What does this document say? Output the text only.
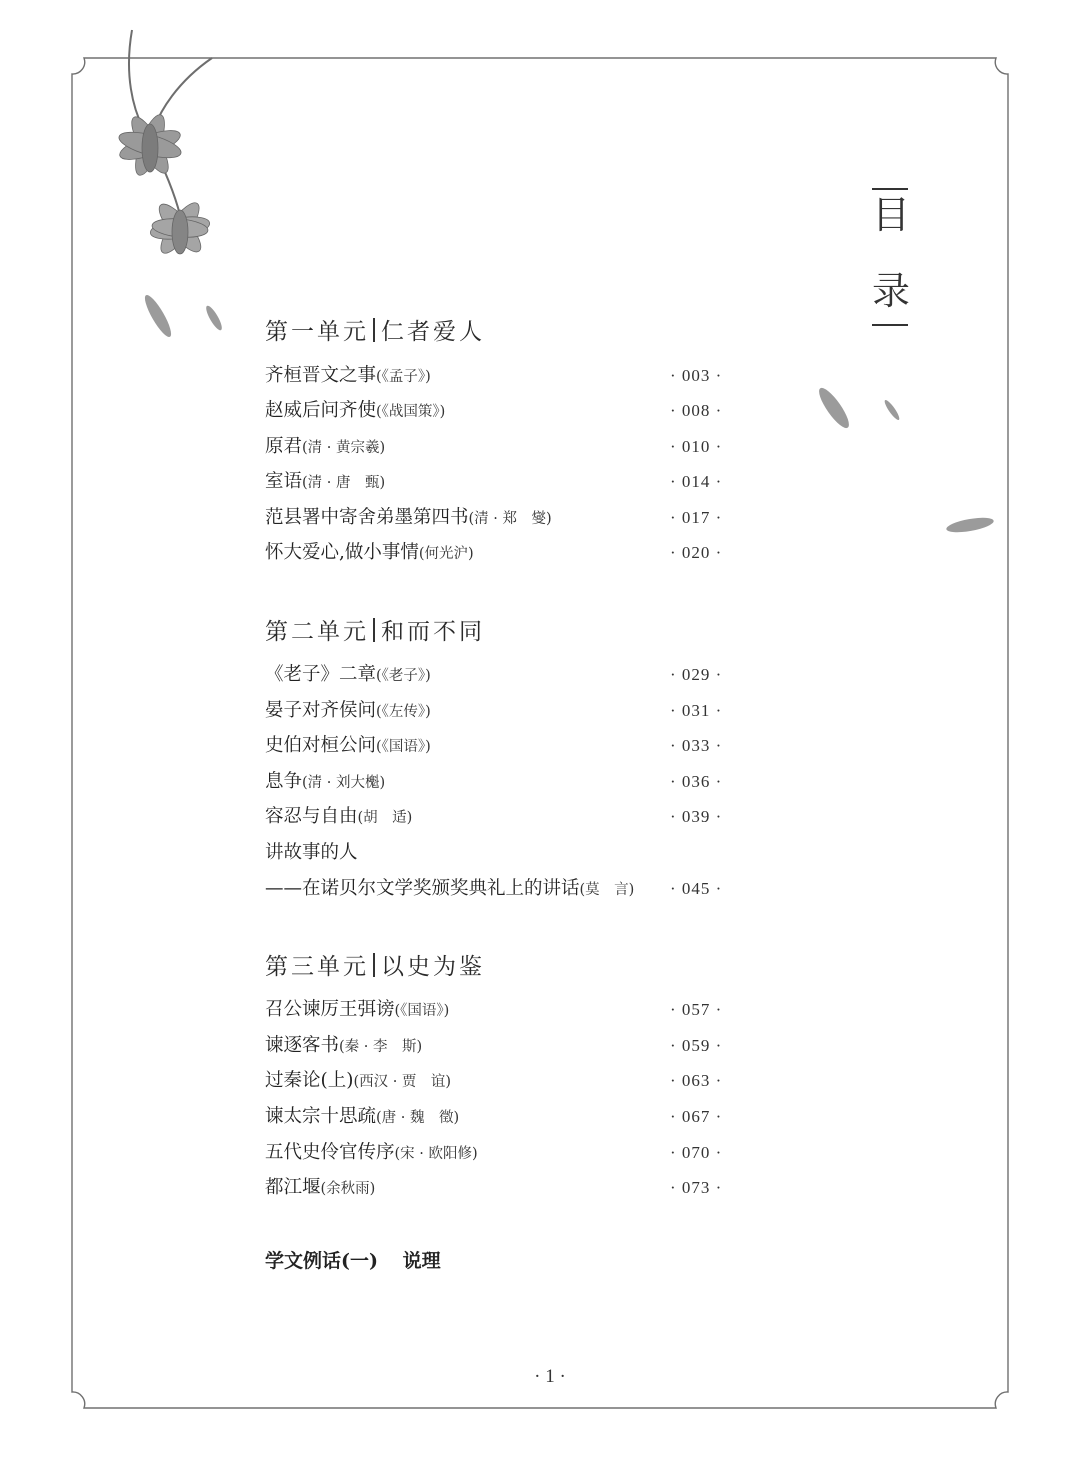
目
录
第一单元 仁者爱人
齐桓晋文之事(《孟子》)	· 003 ·
赵威后问齐使(《战国策》)	· 008 ·
原君(清 · 黄宗羲)	· 010 ·
室语(清 · 唐　甄)	· 014 ·
范县署中寄舍弟墨第四书(清 · 郑　燮)	· 017 ·
怀大爱心,做小事情(何光沪)	· 020 ·
第二单元 和而不同
《老子》二章(《老子》)	· 029 ·
晏子对齐侯问(《左传》)	· 031 ·
史伯对桓公问(《国语》)	· 033 ·
息争(清 · 刘大櫆)	· 036 ·
容忍与自由(胡　适)	· 039 ·
讲故事的人
——在诺贝尔文学奖颁奖典礼上的讲话(莫　言) · 045 ·
第三单元 以史为鉴
召公谏厉王弭谤(《国语》)	· 057 ·
谏逐客书(秦 · 李　斯)	· 059 ·
过秦论(上)(西汉 · 贾　谊)	· 063 ·
谏太宗十思疏(唐 · 魏　徵)	· 067 ·
五代史伶官传序(宋 · 欧阳修)	· 070 ·
都江堰(余秋雨)	· 073 ·
学文例话(一) 说理
· 1 ·
